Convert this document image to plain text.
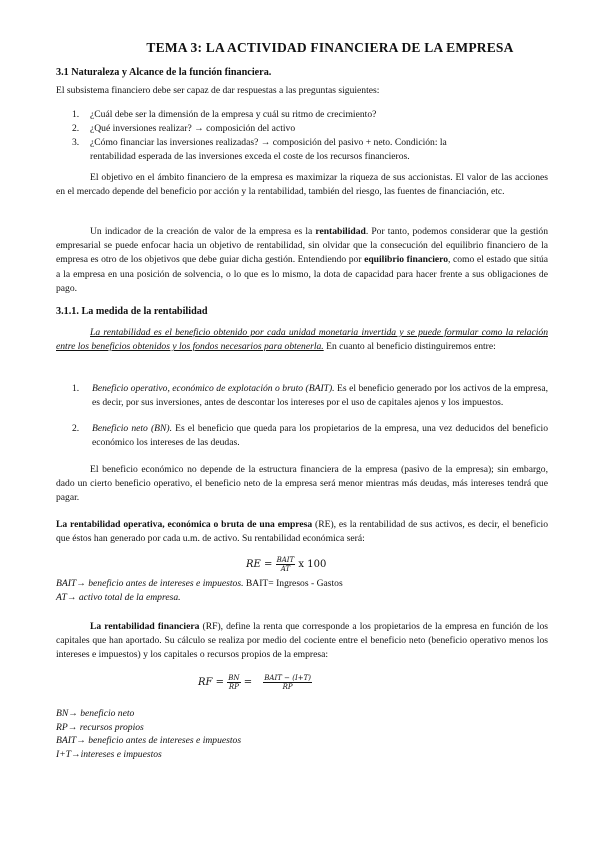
TEMA 3: LA ACTIVIDAD FINANCIERA DE LA EMPRESA
3.1 Naturaleza y Alcance de la función financiera.
El subsistema financiero debe ser capaz de dar respuestas a las preguntas siguientes:
1. ¿Cuál debe ser la dimensión de la empresa y cuál su ritmo de crecimiento?
2. ¿Qué inversiones realizar? → composición del activo
3. ¿Cómo financiar las inversiones realizadas? → composición del pasivo + neto. Condición: la
rentabilidad esperada de las inversiones exceda el coste de los recursos financieros.
El objetivo en el ámbito financiero de la empresa es maximizar la riqueza de sus accionistas. El valor de las acciones en el mercado depende del beneficio por acción y la rentabilidad, también del riesgo, las fuentes de financiación, etc.
Un indicador de la creación de valor de la empresa es la rentabilidad. Por tanto, podemos considerar que la gestión empresarial se puede enfocar hacia un objetivo de rentabilidad, sin olvidar que la consecución del equilibrio financiero de la empresa es otro de los objetivos que debe guiar dicha gestión. Entendiendo por equilibrio financiero, como el estado que sitúa a la empresa en una posición de solvencia, o lo que es lo mismo, la dota de capacidad para hacer frente a sus obligaciones de pago.
3.1.1. La medida de la rentabilidad
La rentabilidad es el beneficio obtenido por cada unidad monetaria invertida y se puede formular como la relación entre los beneficios obtenidos y los fondos necesarios para obtenerla. En cuanto al beneficio distinguiremos entre:
1. Beneficio operativo, económico de explotación o bruto (BAIT). Es el beneficio generado por los activos de la empresa, es decir, por sus inversiones, antes de descontar los intereses por el uso de capitales ajenos y los impuestos.
2. Beneficio neto (BN). Es el beneficio que queda para los propietarios de la empresa, una vez deducidos del beneficio económico los intereses de las deudas.
El beneficio económico no depende de la estructura financiera de la empresa (pasivo de la empresa); sin embargo, dado un cierto beneficio operativo, el beneficio neto de la empresa será menor mientras más deudas, más intereses tendrá que pagar.
La rentabilidad operativa, económica o bruta de una empresa (RE), es la rentabilidad de sus activos, es decir, el beneficio que éstos han generado por cada u.m. de activo. Su rentabilidad económica será:
RE = $\frac{\text{BAIT}}{AT}$ x 100
BAIT→ beneficio antes de intereses e impuestos. BAIT= Ingresos - Gastos
AT→ activo total de la empresa.
La rentabilidad financiera (RF), define la renta que corresponde a los propietarios de la empresa en función de los capitales que han aportado. Su cálculo se realiza por medio del cociente entre el beneficio neto (beneficio operativo menos los intereses e impuestos) y los capitales o recursos propios de la empresa:
RF = $\frac{BN}{RP} = \frac{\text{BAIT − (I+T)}}{RP}$
BN→ beneficio neto
RP→ recursos propios
BAIT→ beneficio antes de intereses e impuestos
I+T→intereses e impuestos
